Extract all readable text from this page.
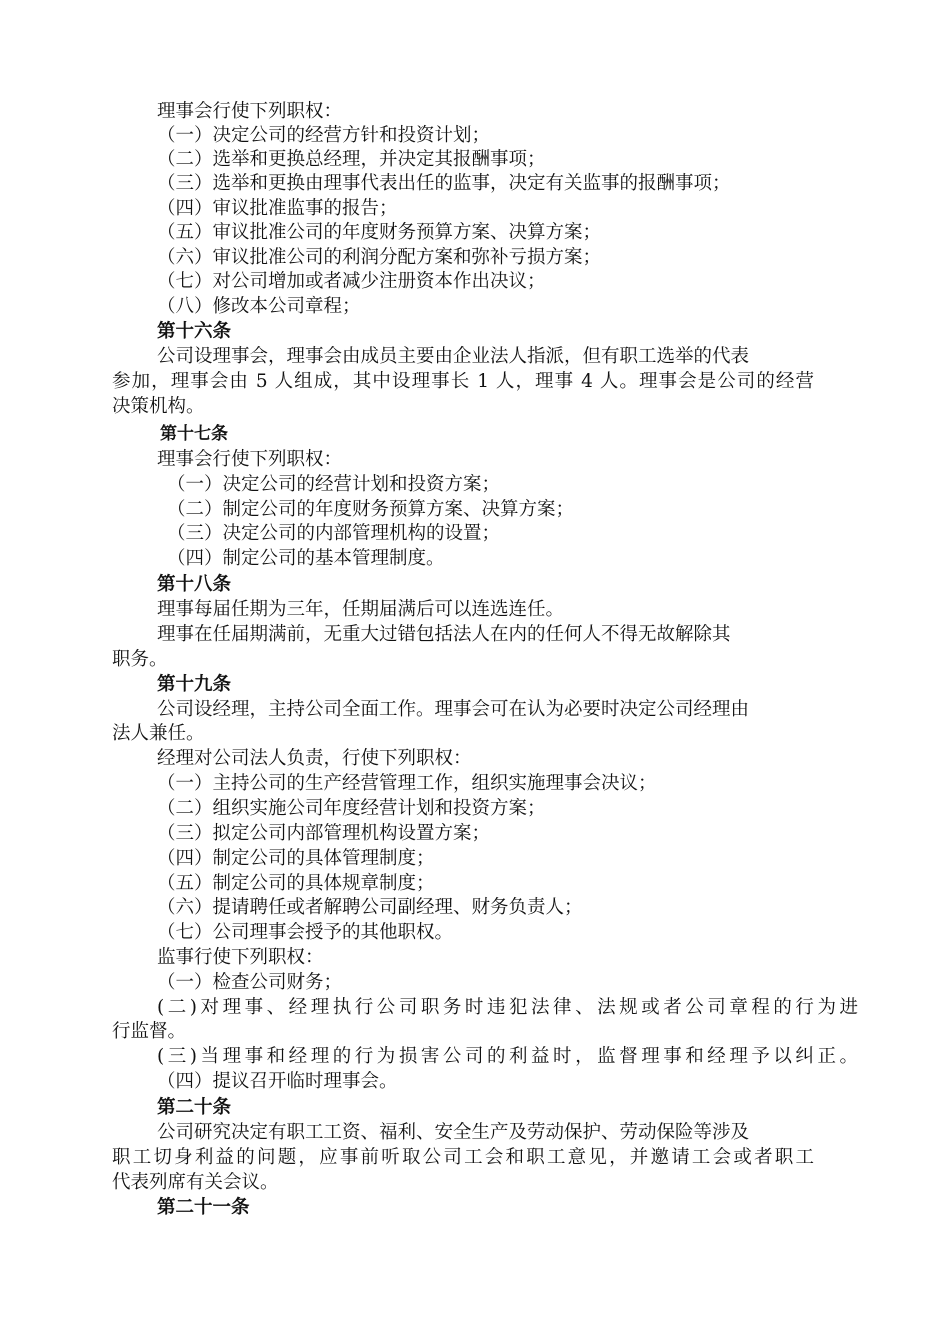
理事会行使下列职权：
（一）决定公司的经营方针和投资计划；
（二）选举和更换总经理，并决定其报酬事项；
（三）选举和更换由理事代表出任的监事，决定有关监事的报酬事项；
（四）审议批准监事的报告；
（五）审议批准公司的年度财务预算方案、决算方案；
（六）审议批准公司的利润分配方案和弥补亏损方案；
（七）对公司增加或者减少注册资本作出决议；
（八）修改本公司章程；
第十六条
公司设理事会，理事会由成员主要由企业法人指派，但有职工选举的代表
参加，理事会由 5 人组成，其中设理事长 1 人，理事 4 人。理事会是公司的经营
决策机构。
第十七条
理事会行使下列职权：
（一）决定公司的经营计划和投资方案；
（二）制定公司的年度财务预算方案、决算方案；
（三）决定公司的内部管理机构的设置；
（四）制定公司的基本管理制度。
第十八条
理事每届任期为三年，任期届满后可以连选连任。
理事在任届期满前，无重大过错包括法人在内的任何人不得无故解除其
职务。
第十九条
公司设经理，主持公司全面工作。理事会可在认为必要时决定公司经理由
法人兼任。
经理对公司法人负责，行使下列职权：
（一）主持公司的生产经营管理工作，组织实施理事会决议；
（二）组织实施公司年度经营计划和投资方案；
（三）拟定公司内部管理机构设置方案；
（四）制定公司的具体管理制度；
（五）制定公司的具体规章制度；
（六）提请聘任或者解聘公司副经理、财务负责人；
（七）公司理事会授予的其他职权。
监事行使下列职权：
（一）检查公司财务；
(二)对理事、经理执行公司职务时违犯法律、法规或者公司章程的行为进
行监督。
(三)当理事和经理的行为损害公司的利益时，监督理事和经理予以纠正。
（四）提议召开临时理事会。
第二十条
公司研究决定有职工工资、福利、安全生产及劳动保护、劳动保险等涉及
职工切身利益的问题，应事前听取公司工会和职工意见，并邀请工会或者职工
代表列席有关会议。
第二十一条
